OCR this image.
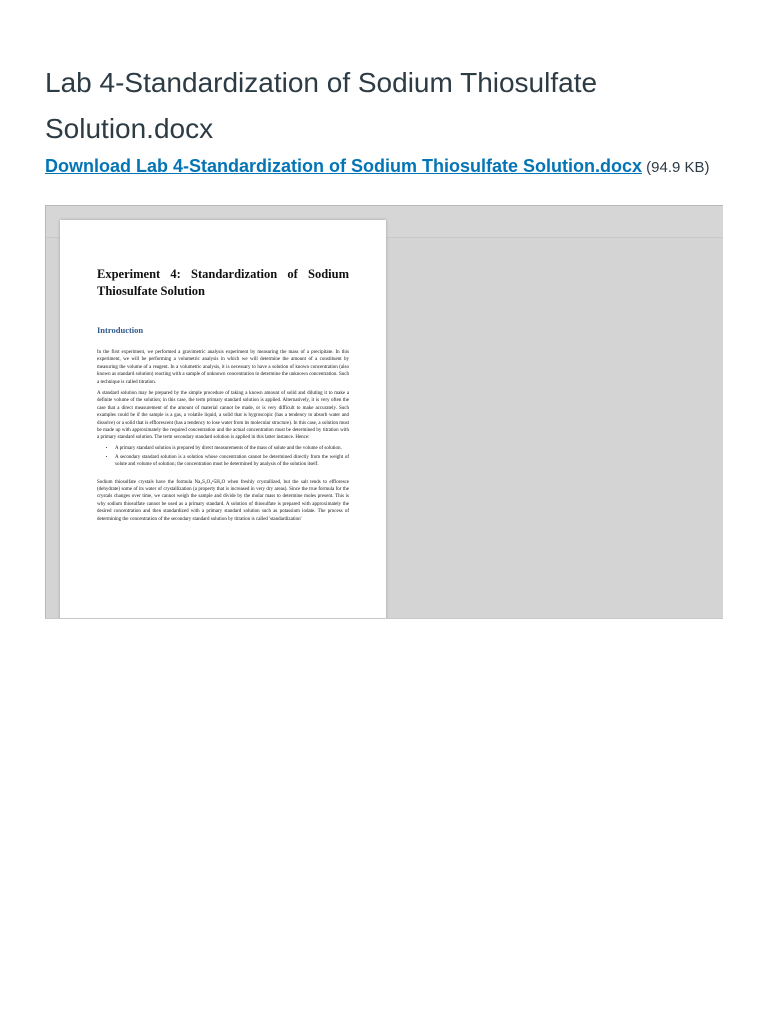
Lab 4-Standardization of Sodium Thiosulfate Solution.docx
Download Lab 4-Standardization of Sodium Thiosulfate Solution.docx (94.9 KB)
Experiment 4: Standardization of Sodium Thiosulfate Solution
Introduction

In the first experiment, we performed a gravimetric analysis experiment by measuring the mass of a precipitate. In this experiment, we will be performing a volumetric analysis in which we will determine the amount of a constituent by measuring the volume of a reagent. In a volumetric analysis, it is necessary to have a solution of known concentration (also known as standard solution) reacting with a sample of unknown concentration to determine the unknown concentration. Such a technique is called titration.

A standard solution may be prepared by the simple procedure of taking a known amount of solid and diluting it to make a definite volume of the solution; in this case, the term primary standard solution is applied. Alternatively, it is very often the case that a direct measurement of the amount of material cannot be made, or is very difficult to make accurately. Such examples could be if the sample is a gas, a volatile liquid, a solid that is hygroscopic (has a tendency to absorb water and dissolve) or a solid that is efflorescent (has a tendency to lose water from its molecular structure). In this case, a solution must be made up with approximately the required concentration and the actual concentration must be determined by titration with a primary standard solution. The term secondary standard solution is applied in this latter instance. Hence:

• A primary standard solution is prepared by direct measurements of the mass of solute and the volume of solution.
• A secondary standard solution is a solution whose concentration cannot be determined directly from the weight of solute and volume of solution; the concentration must be determined by analysis of the solution itself.

Sodium thiosulfate crystals have the formula Na₂S₂O₃•5H₂O when freshly crystallized, but the salt tends to effloresce (dehydrate) some of its water of crystallization (a property that is increased in very dry areas). Since the true formula for the crystals changes over time, we cannot weigh the sample and divide by the molar mass to determine moles present. This is why sodium thiosulfate cannot be used as a primary standard. A solution of thiosulfate is prepared with approximately the desired concentration and then standardized with a primary standard solution such as potassium iodate. The process of determining the concentration of the secondary standard solution by titration is called 'standardization'
